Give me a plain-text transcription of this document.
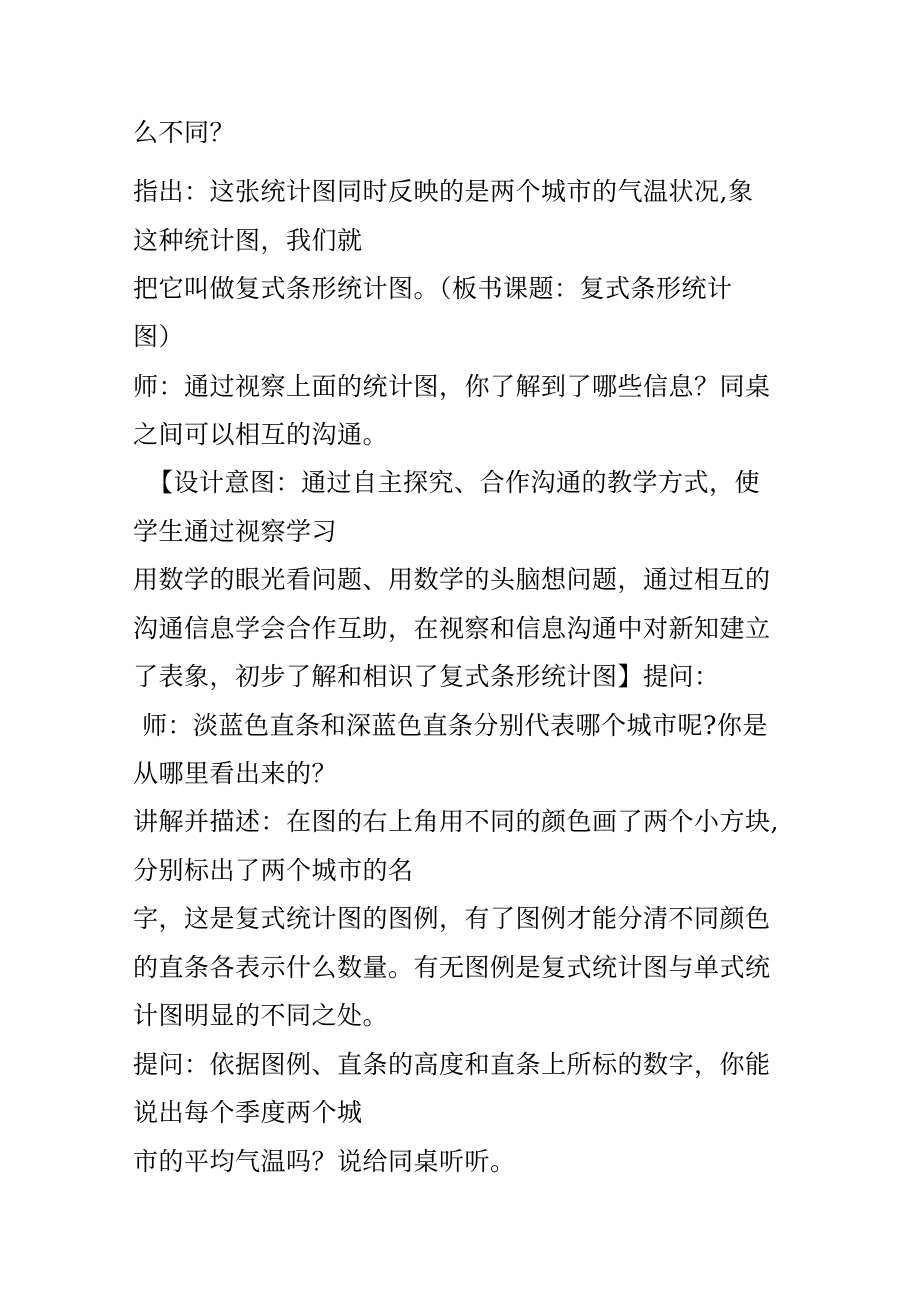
么不同？
指出：这张统计图同时反映的是两个城市的气温状况,象
这种统计图，我们就
把它叫做复式条形统计图。（板书课题：复式条形统计
图）
师：通过视察上面的统计图，你了解到了哪些信息？同桌
之间可以相互的沟通。
【设计意图：通过自主探究、合作沟通的教学方式，使
学生通过视察学习
用数学的眼光看问题、用数学的头脑想问题，通过相互的
沟通信息学会合作互助，在视察和信息沟通中对新知建立
了表象，初步了解和相识了复式条形统计图】提问：
师：淡蓝色直条和深蓝色直条分别代表哪个城市呢?你是
从哪里看出来的？
讲解并描述：在图的右上角用不同的颜色画了两个小方块,
分别标出了两个城市的名
字，这是复式统计图的图例，有了图例才能分清不同颜色
的直条各表示什么数量。有无图例是复式统计图与单式统
计图明显的不同之处。
提问：依据图例、直条的高度和直条上所标的数字，你能
说出每个季度两个城
市的平均气温吗？说给同桌听听。
